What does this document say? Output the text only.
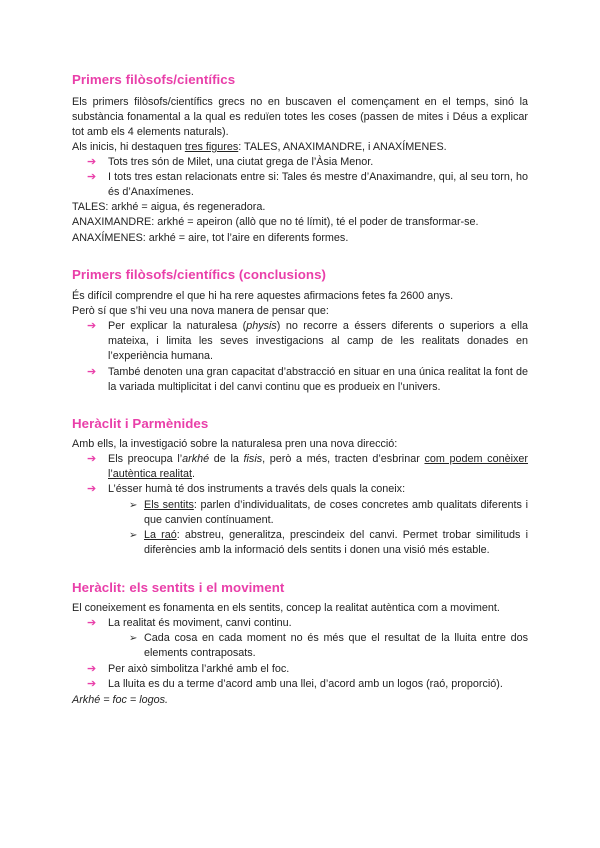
Primers filòsofs/científics
Els primers filòsofs/científics grecs no en buscaven el començament en el temps, sinó la substància fonamental a la qual es reduïen totes les coses (passen de mites i Déus a explicar tot amb els 4 elements naturals).
Als inicis, hi destaquen tres figures: TALES, ANAXIMANDRE, i ANAXÍMENES.
➔ Tots tres són de Milet, una ciutat grega de l’Àsia Menor.
➔ I tots tres estan relacionats entre si: Tales és mestre d’Anaximandre, qui, al seu torn, ho és d’Anaxímenes.
TALES: arkhé = aigua, és regeneradora.
ANAXIMANDRE: arkhé = apeiron (allò que no té límit), té el poder de transformar-se.
ANAXÍMENES: arkhé = aire, tot l’aire en diferents formes.
Primers filòsofs/científics (conclusions)
És difícil comprendre el que hi ha rere aquestes afirmacions fetes fa 2600 anys.
Però sí que s’hi veu una nova manera de pensar que:
➔ Per explicar la naturalesa (physis) no recorre a éssers diferents o superiors a ella mateixa, i limita les seves investigacions al camp de les realitats donades en l’experiència humana.
➔ També denoten una gran capacitat d’abstracció en situar en una única realitat la font de la variada multiplicitat i del canvi continu que es produeix en l’univers.
Heràclit i Parmènides
Amb ells, la investigació sobre la naturalesa pren una nova direcció:
➔ Els preocupa l’arkhé de la fisis, però a més, tracten d’esbrinar com podem conèixer l’autèntica realitat.
➔ L’ésser humà té dos instruments a través dels quals la coneix:
➢ Els sentits: parlen d’individualitats, de coses concretes amb qualitats diferents i que canvien contínuament.
➢ La raó: abstreu, generalitza, prescindeix del canvi. Permet trobar similituds i diferències amb la informació dels sentits i donen una visió més estable.
Heràclit: els sentits i el moviment
El coneixement es fonamenta en els sentits, concep la realitat autèntica com a moviment.
➔ La realitat és moviment, canvi continu.
➢ Cada cosa en cada moment no és més que el resultat de la lluita entre dos elements contraposats.
➔ Per això simbolitza l’arkhé amb el foc.
➔ La lluita es du a terme d’acord amb una llei, d’acord amb un logos (raó, proporció).
Arkhé = foc = logos.
